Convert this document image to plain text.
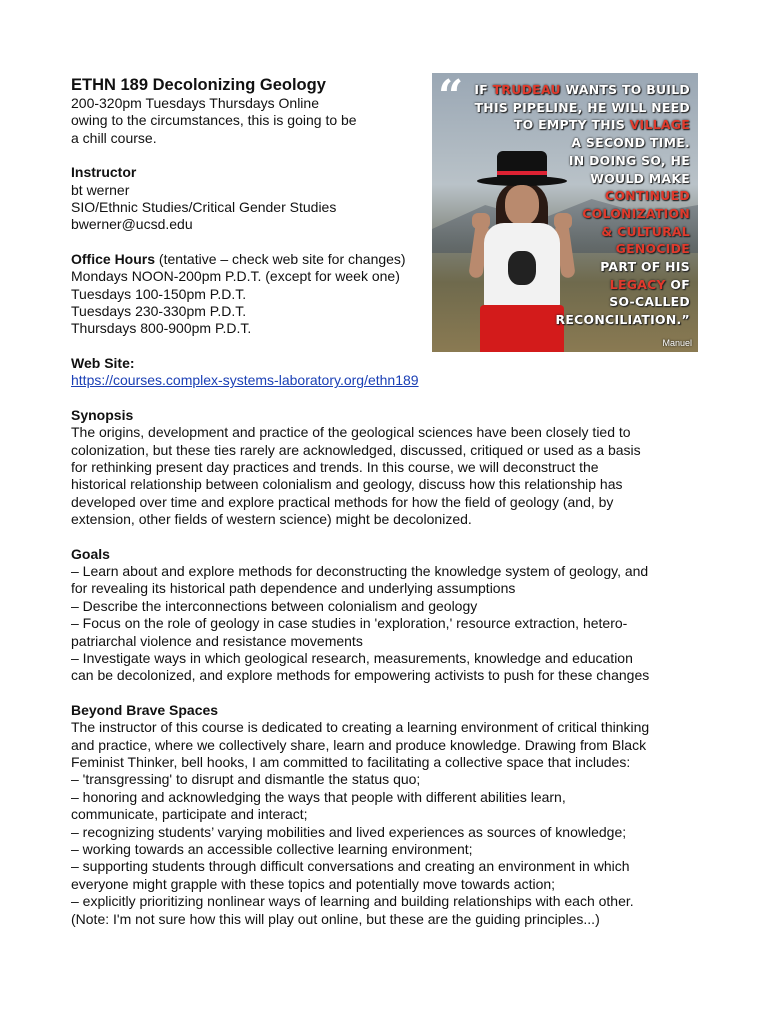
ETHN 189 Decolonizing Geology

200-320pm Tuesdays Thursdays Online
owing to the circumstances, this is going to be
a chill course.

Instructor
bt werner
SIO/Ethnic Studies/Critical Gender Studies
bwerner@ucsd.edu

Office Hours (tentative – check web site for changes)
Mondays NOON-200pm P.D.T. (except for week one)
Tuesdays 100-150pm P.D.T.
Tuesdays 230-330pm P.D.T.
Thursdays 800-900pm P.D.T.

Web Site:
https://courses.complex-systems-laboratory.org/ethn189

Synopsis
The origins, development and practice of the geological sciences have been closely tied to
colonization, but these ties rarely are acknowledged, discussed, critiqued or used as a basis
for rethinking present day practices and trends. In this course, we will deconstruct the
historical relationship between colonialism and geology, discuss how this relationship has
developed over time and explore practical methods for how the field of geology (and, by
extension, other fields of western science) might be decolonized.

Goals
– Learn about and explore methods for deconstructing the knowledge system of geology, and
for revealing its historical path dependence and underlying assumptions
– Describe the interconnections between colonialism and geology
– Focus on the role of geology in case studies in 'exploration,' resource extraction, hetero-
patriarchal violence and resistance movements
– Investigate ways in which geological research, measurements, knowledge and education
can be decolonized, and explore methods for empowering activists to push for these changes

Beyond Brave Spaces
The instructor of this course is dedicated to creating a learning environment of critical thinking
and practice, where we collectively share, learn and produce knowledge. Drawing from Black
Feminist Thinker, bell hooks, I am committed to facilitating a collective space that includes:
– 'transgressing' to disrupt and dismantle the status quo;
– honoring and acknowledging the ways that people with different abilities learn,
communicate, participate and interact;
– recognizing students’ varying mobilities and lived experiences as sources of knowledge;
– working towards an accessible collective learning environment;
– supporting students through difficult conversations and creating an environment in which
everyone might grapple with these topics and potentially move towards action;
– explicitly prioritizing nonlinear ways of learning and building relationships with each other.
(Note: I'm not sure how this will play out online, but these are the guiding principles...)

“ IF TRUDEAU WANTS TO BUILD
THIS PIPELINE, HE WILL NEED
TO EMPTY THIS VILLAGE
A SECOND TIME.
IN DOING SO, HE
WOULD MAKE
CONTINUED
COLONIZATION
& CULTURAL
GENOCIDE
PART OF HIS
LEGACY OF
SO-CALLED
RECONCILIATION.”
Manuel
